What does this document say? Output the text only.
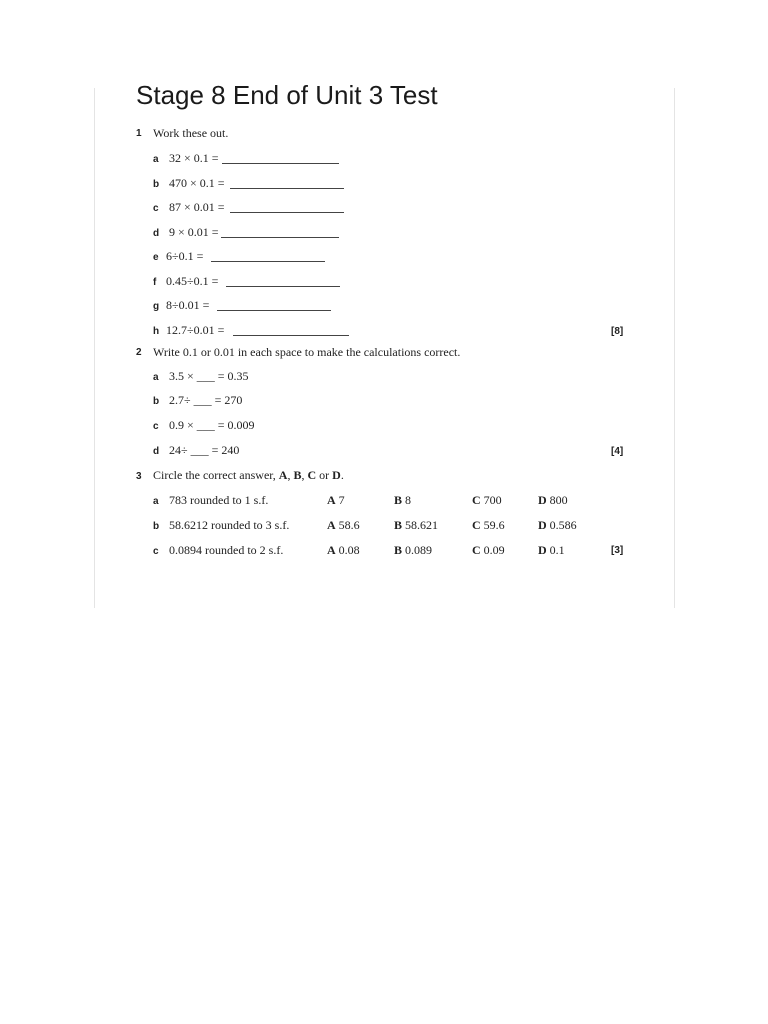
Stage 8 End of Unit 3 Test
1 Work these out.
a 32 × 0.1 =
b 470 × 0.1 =
c 87 × 0.01 =
d 9 × 0.01 =
e 6÷0.1 =
f 0.45÷0.1 =
g 8÷0.01 =
h 12.7÷0.01 =	[8]
2 Write 0.1 or 0.01 in each space to make the calculations correct.
a 3.5 × ___ = 0.35
b 2.7÷ ___ = 270
c 0.9 × ___ = 0.009
d 24÷ ___ = 240	[4]
3 Circle the correct answer, A, B, C or D.
a 783 rounded to 1 s.f.	A 7	B 8	C 700	D 800
b 58.6212 rounded to 3 s.f.	A 58.6	B 58.621	C 59.6	D 0.586
c 0.0894 rounded to 2 s.f.	A 0.08	B 0.089	C 0.09	D 0.1	[3]
